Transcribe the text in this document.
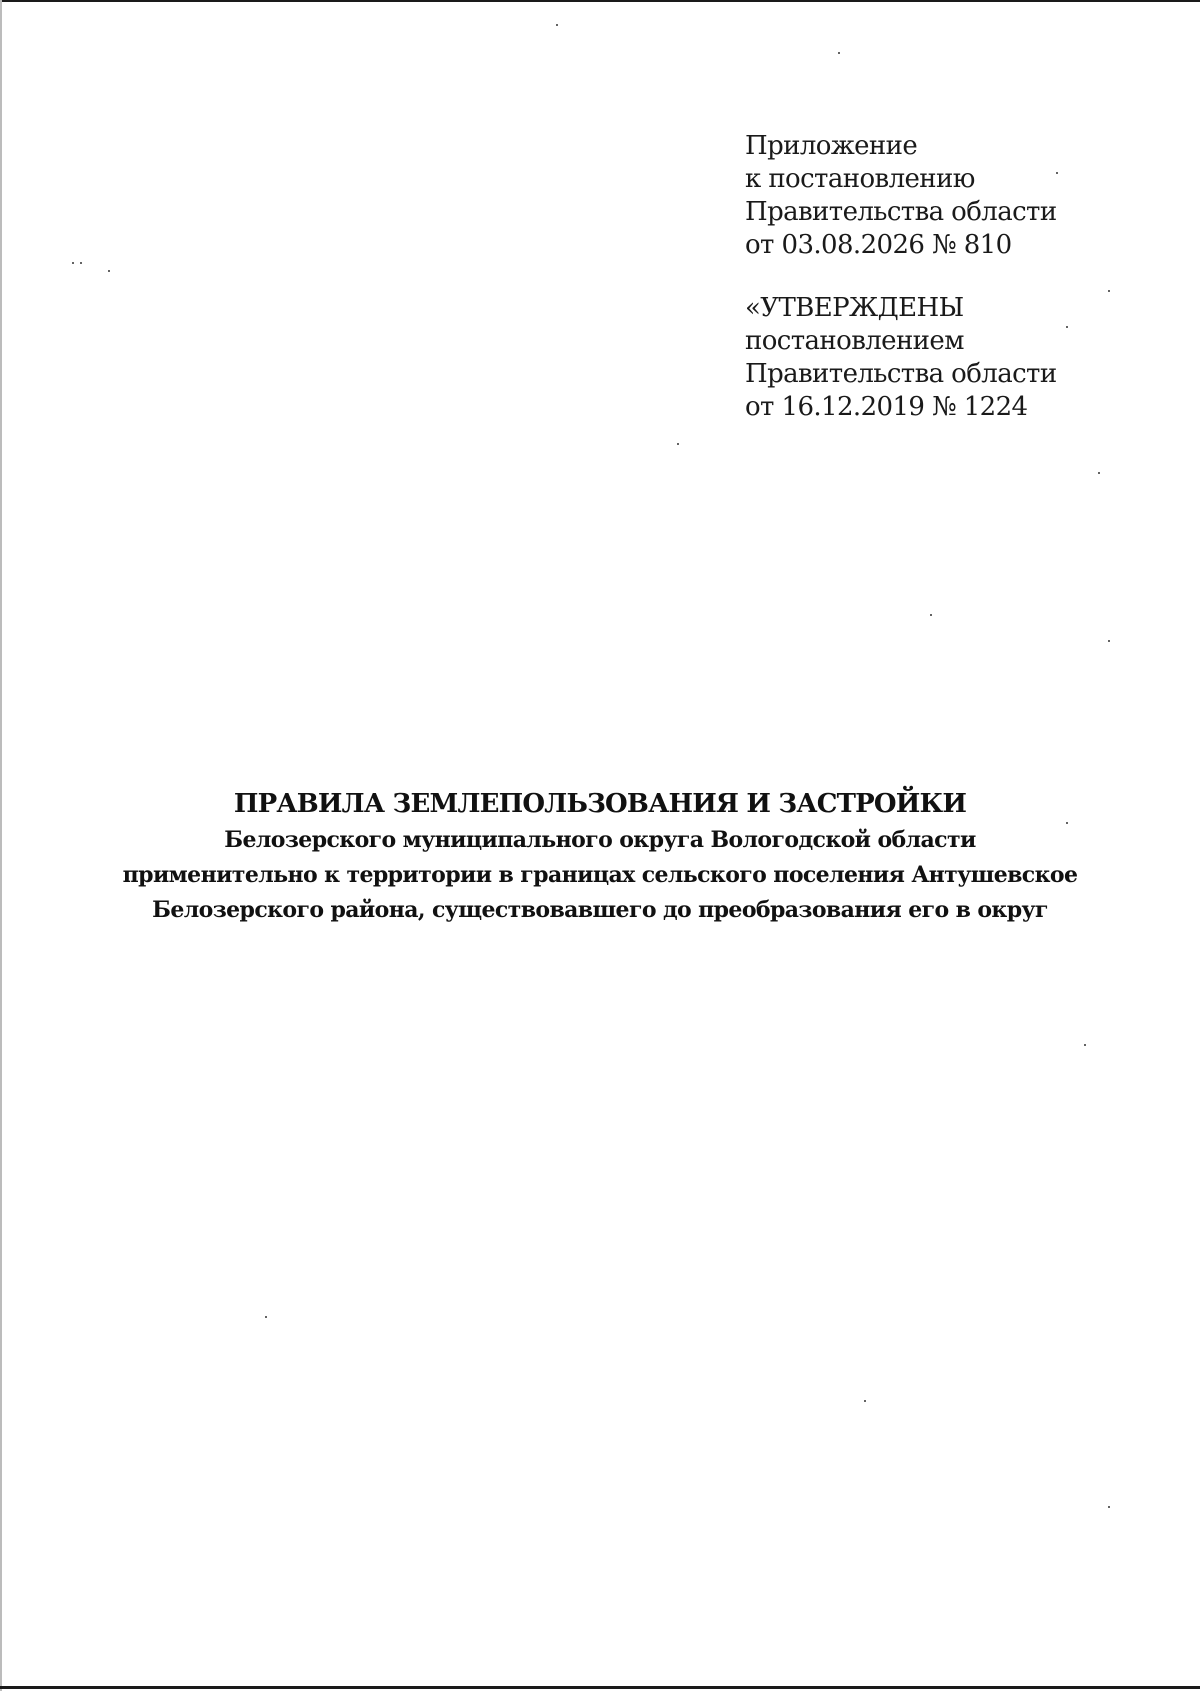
Приложение
к постановлению
Правительства области
от 03.08.2026 № 810
«УТВЕРЖДЕНЫ
постановлением
Правительства области
от 16.12.2019 № 1224
ПРАВИЛА ЗЕМЛЕПОЛЬЗОВАНИЯ И ЗАСТРОЙКИ

Белозерского муниципального округа Вологодской области
применительно к территории в границах сельского поселения Антушевское
Белозерского района, существовавшего до преобразования его в округ
